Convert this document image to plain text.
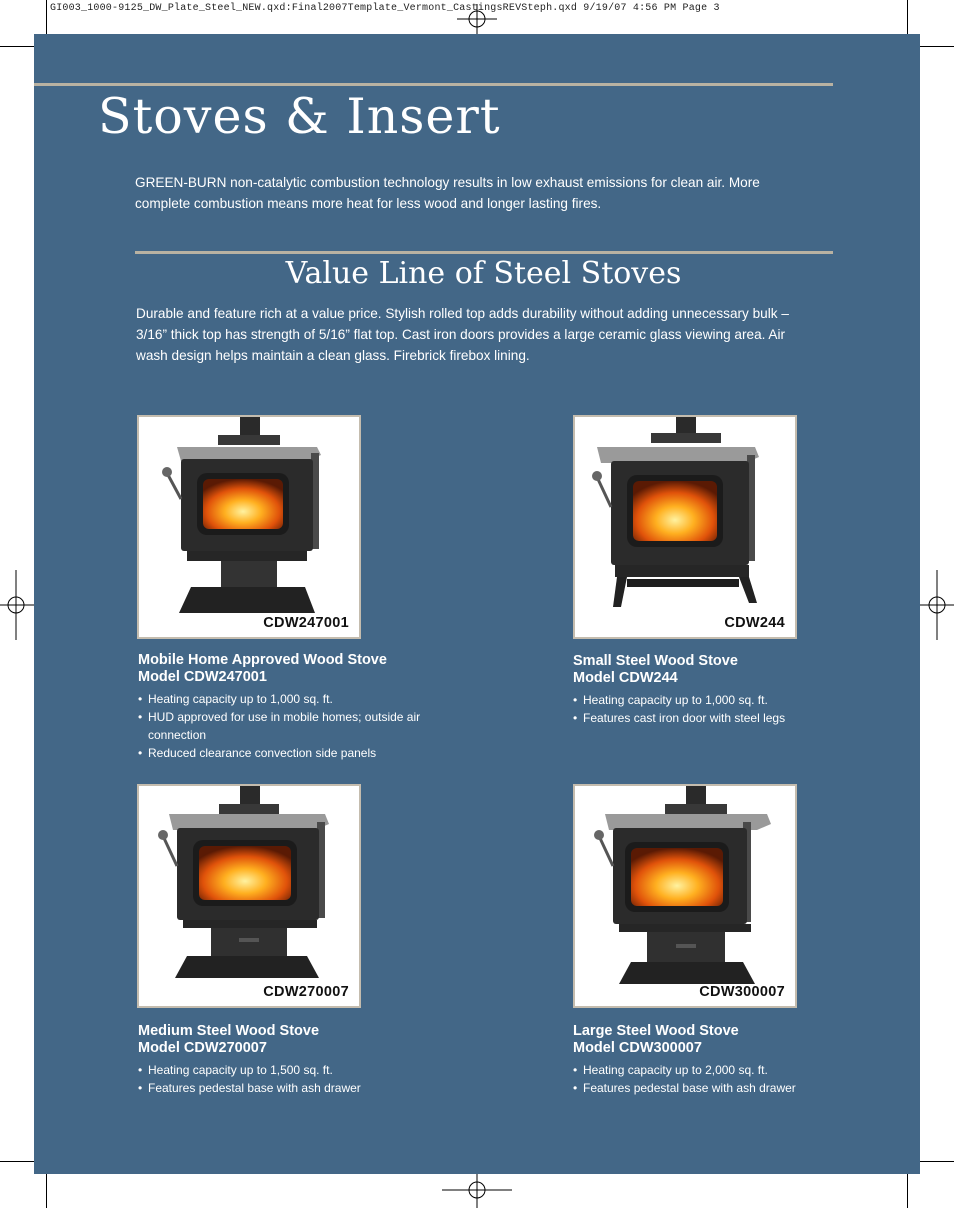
GI003_1000-9125_DW_Plate_Steel_NEW.qxd:Final2007Template_Vermont_CastingsREVSteph.qxd 9/19/07 4:56 PM Page 3
Stoves & Insert

GREEN-BURN non-catalytic combustion technology results in low exhaust emissions for clean air. More complete combustion means more heat for less wood and longer lasting fires.

Value Line of Steel Stoves

Durable and feature rich at a value price. Stylish rolled top adds durability without adding unnecessary bulk – 3/16” thick top has strength of 5/16” flat top. Cast iron doors provides a large ceramic glass viewing area. Air wash design helps maintain a clean glass. Firebrick firebox lining.

CDW247001
Mobile Home Approved Wood Stove
Model CDW247001
• Heating capacity up to 1,000 sq. ft.
• HUD approved for use in mobile homes; outside air connection
• Reduced clearance convection side panels
CDW244
Small Steel Wood Stove
Model CDW244
• Heating capacity up to 1,000 sq. ft.
• Features cast iron door with steel legs
CDW270007
Medium Steel Wood Stove
Model CDW270007
• Heating capacity up to 1,500 sq. ft.
• Features pedestal base with ash drawer
CDW300007
Large Steel Wood Stove
Model CDW300007
• Heating capacity up to 2,000 sq. ft.
• Features pedestal base with ash drawer
